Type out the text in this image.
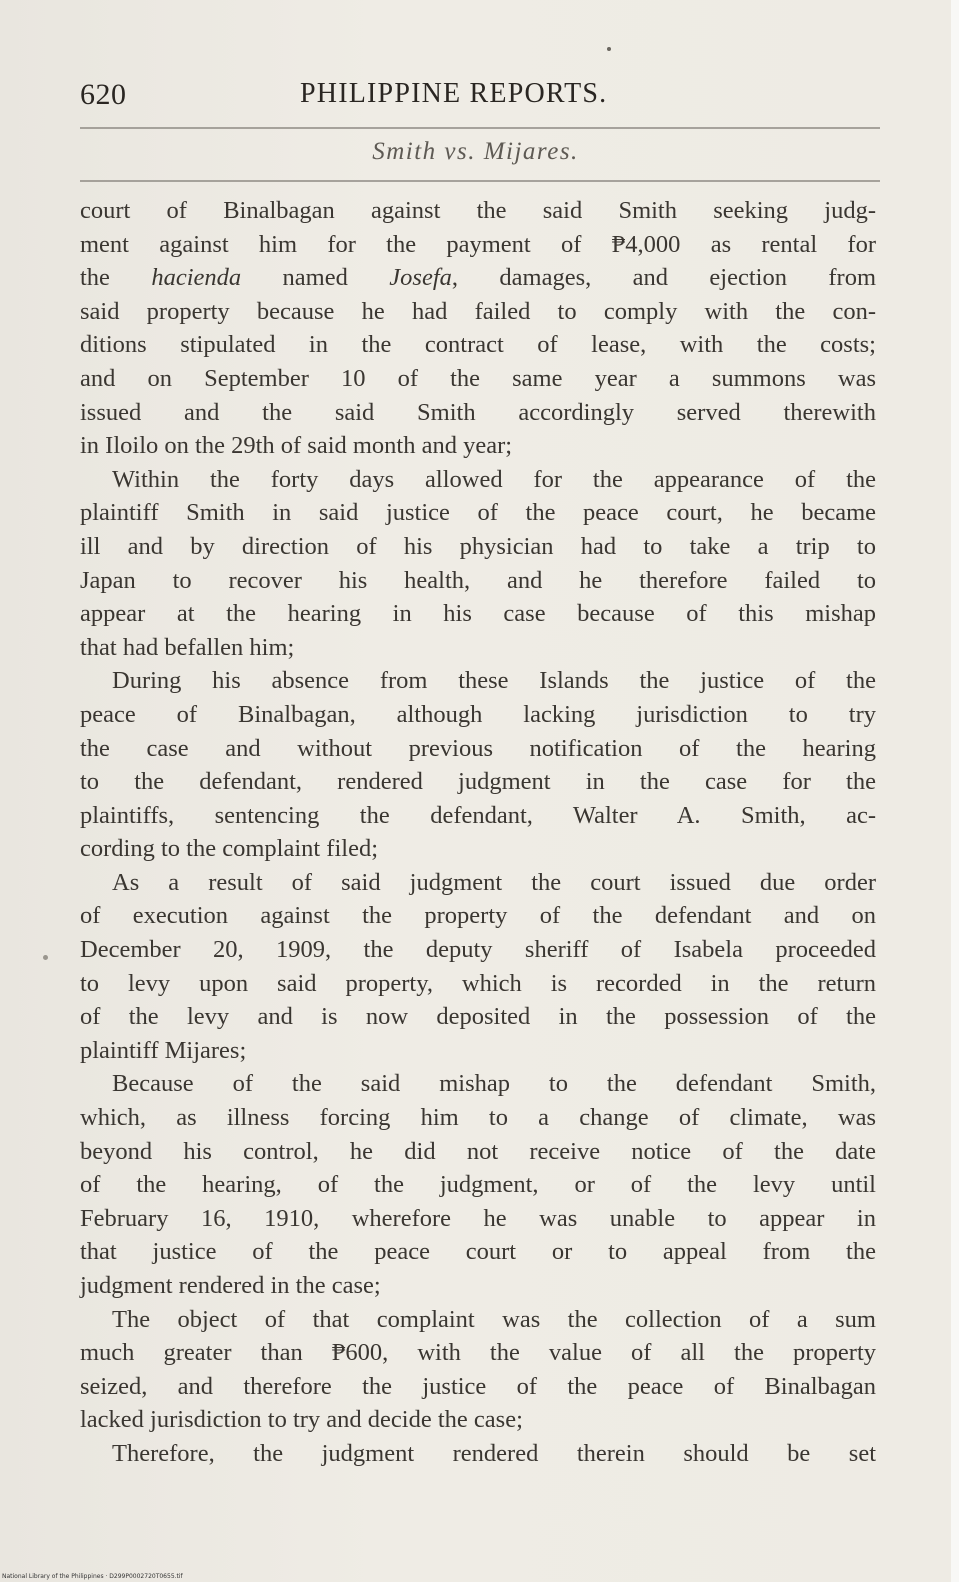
620	PHILIPPINE REPORTS.
Smith vs. Mijares.
court of Binalbagan against the said Smith seeking judg-
ment against him for the payment of ₱4,000 as rental for
the hacienda named Josefa, damages, and ejection from
said property because he had failed to comply with the con-
ditions stipulated in the contract of lease, with the costs;
and on September 10 of the same year a summons was
issued and the said Smith accordingly served therewith
in Iloilo on the 29th of said month and year;
Within the forty days allowed for the appearance of the
plaintiff Smith in said justice of the peace court, he became
ill and by direction of his physician had to take a trip to
Japan to recover his health, and he therefore failed to
appear at the hearing in his case because of this mishap
that had befallen him;
During his absence from these Islands the justice of the
peace of Binalbagan, although lacking jurisdiction to try
the case and without previous notification of the hearing
to the defendant, rendered judgment in the case for the
plaintiffs, sentencing the defendant, Walter A. Smith, ac-
cording to the complaint filed;
As a result of said judgment the court issued due order
of execution against the property of the defendant and on
December 20, 1909, the deputy sheriff of Isabela proceeded
to levy upon said property, which is recorded in the return
of the levy and is now deposited in the possession of the
plaintiff Mijares;
Because of the said mishap to the defendant Smith,
which, as illness forcing him to a change of climate, was
beyond his control, he did not receive notice of the date
of the hearing, of the judgment, or of the levy until
February 16, 1910, wherefore he was unable to appear in
that justice of the peace court or to appeal from the
judgment rendered in the case;
The object of that complaint was the collection of a sum
much greater than ₱600, with the value of all the property
seized, and therefore the justice of the peace of Binalbagan
lacked jurisdiction to try and decide the case;
Therefore, the judgment rendered therein should be set
National Library of the Philippines · D299P0002720T0655.tif
